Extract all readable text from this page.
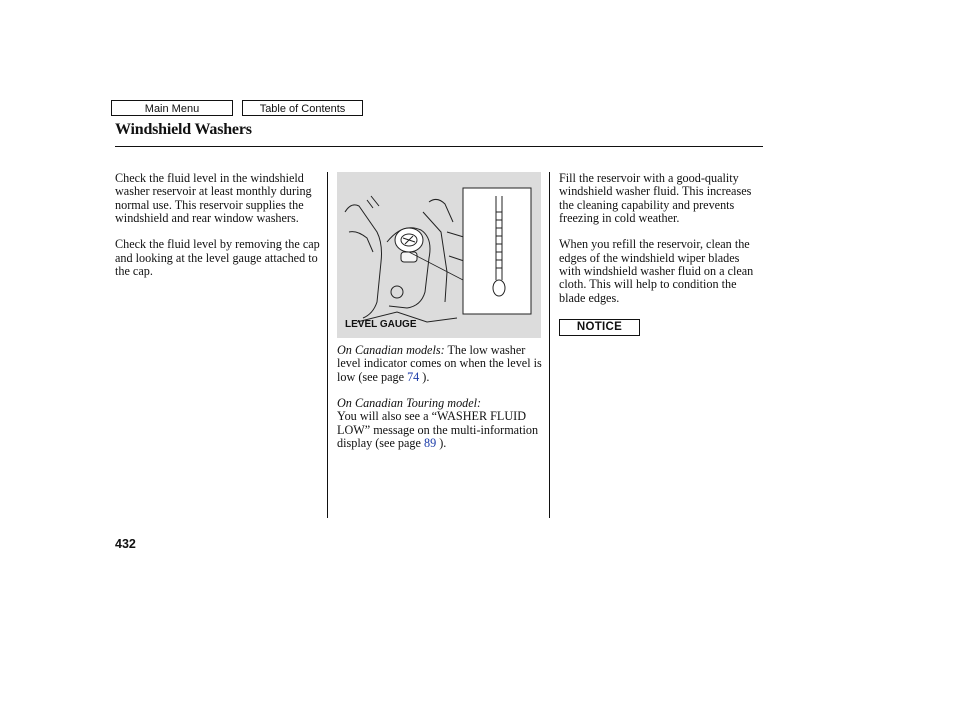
Main Menu	Table of Contents
Windshield Washers

Check the fluid level in the windshield washer reservoir at least monthly during normal use. This reservoir supplies the windshield and rear window washers.

Check the fluid level by removing the cap and looking at the level gauge attached to the cap.

LEVEL GAUGE

On Canadian models: The low washer level indicator comes on when the level is low (see page 74 ).

On Canadian Touring model:
You will also see a “WASHER FLUID LOW” message on the multi-information display (see page 89 ).

Fill the reservoir with a good-quality windshield washer fluid. This increases the cleaning capability and prevents freezing in cold weather.

When you refill the reservoir, clean the edges of the windshield wiper blades with windshield washer fluid on a clean cloth. This will help to condition the blade edges.

NOTICE
432
